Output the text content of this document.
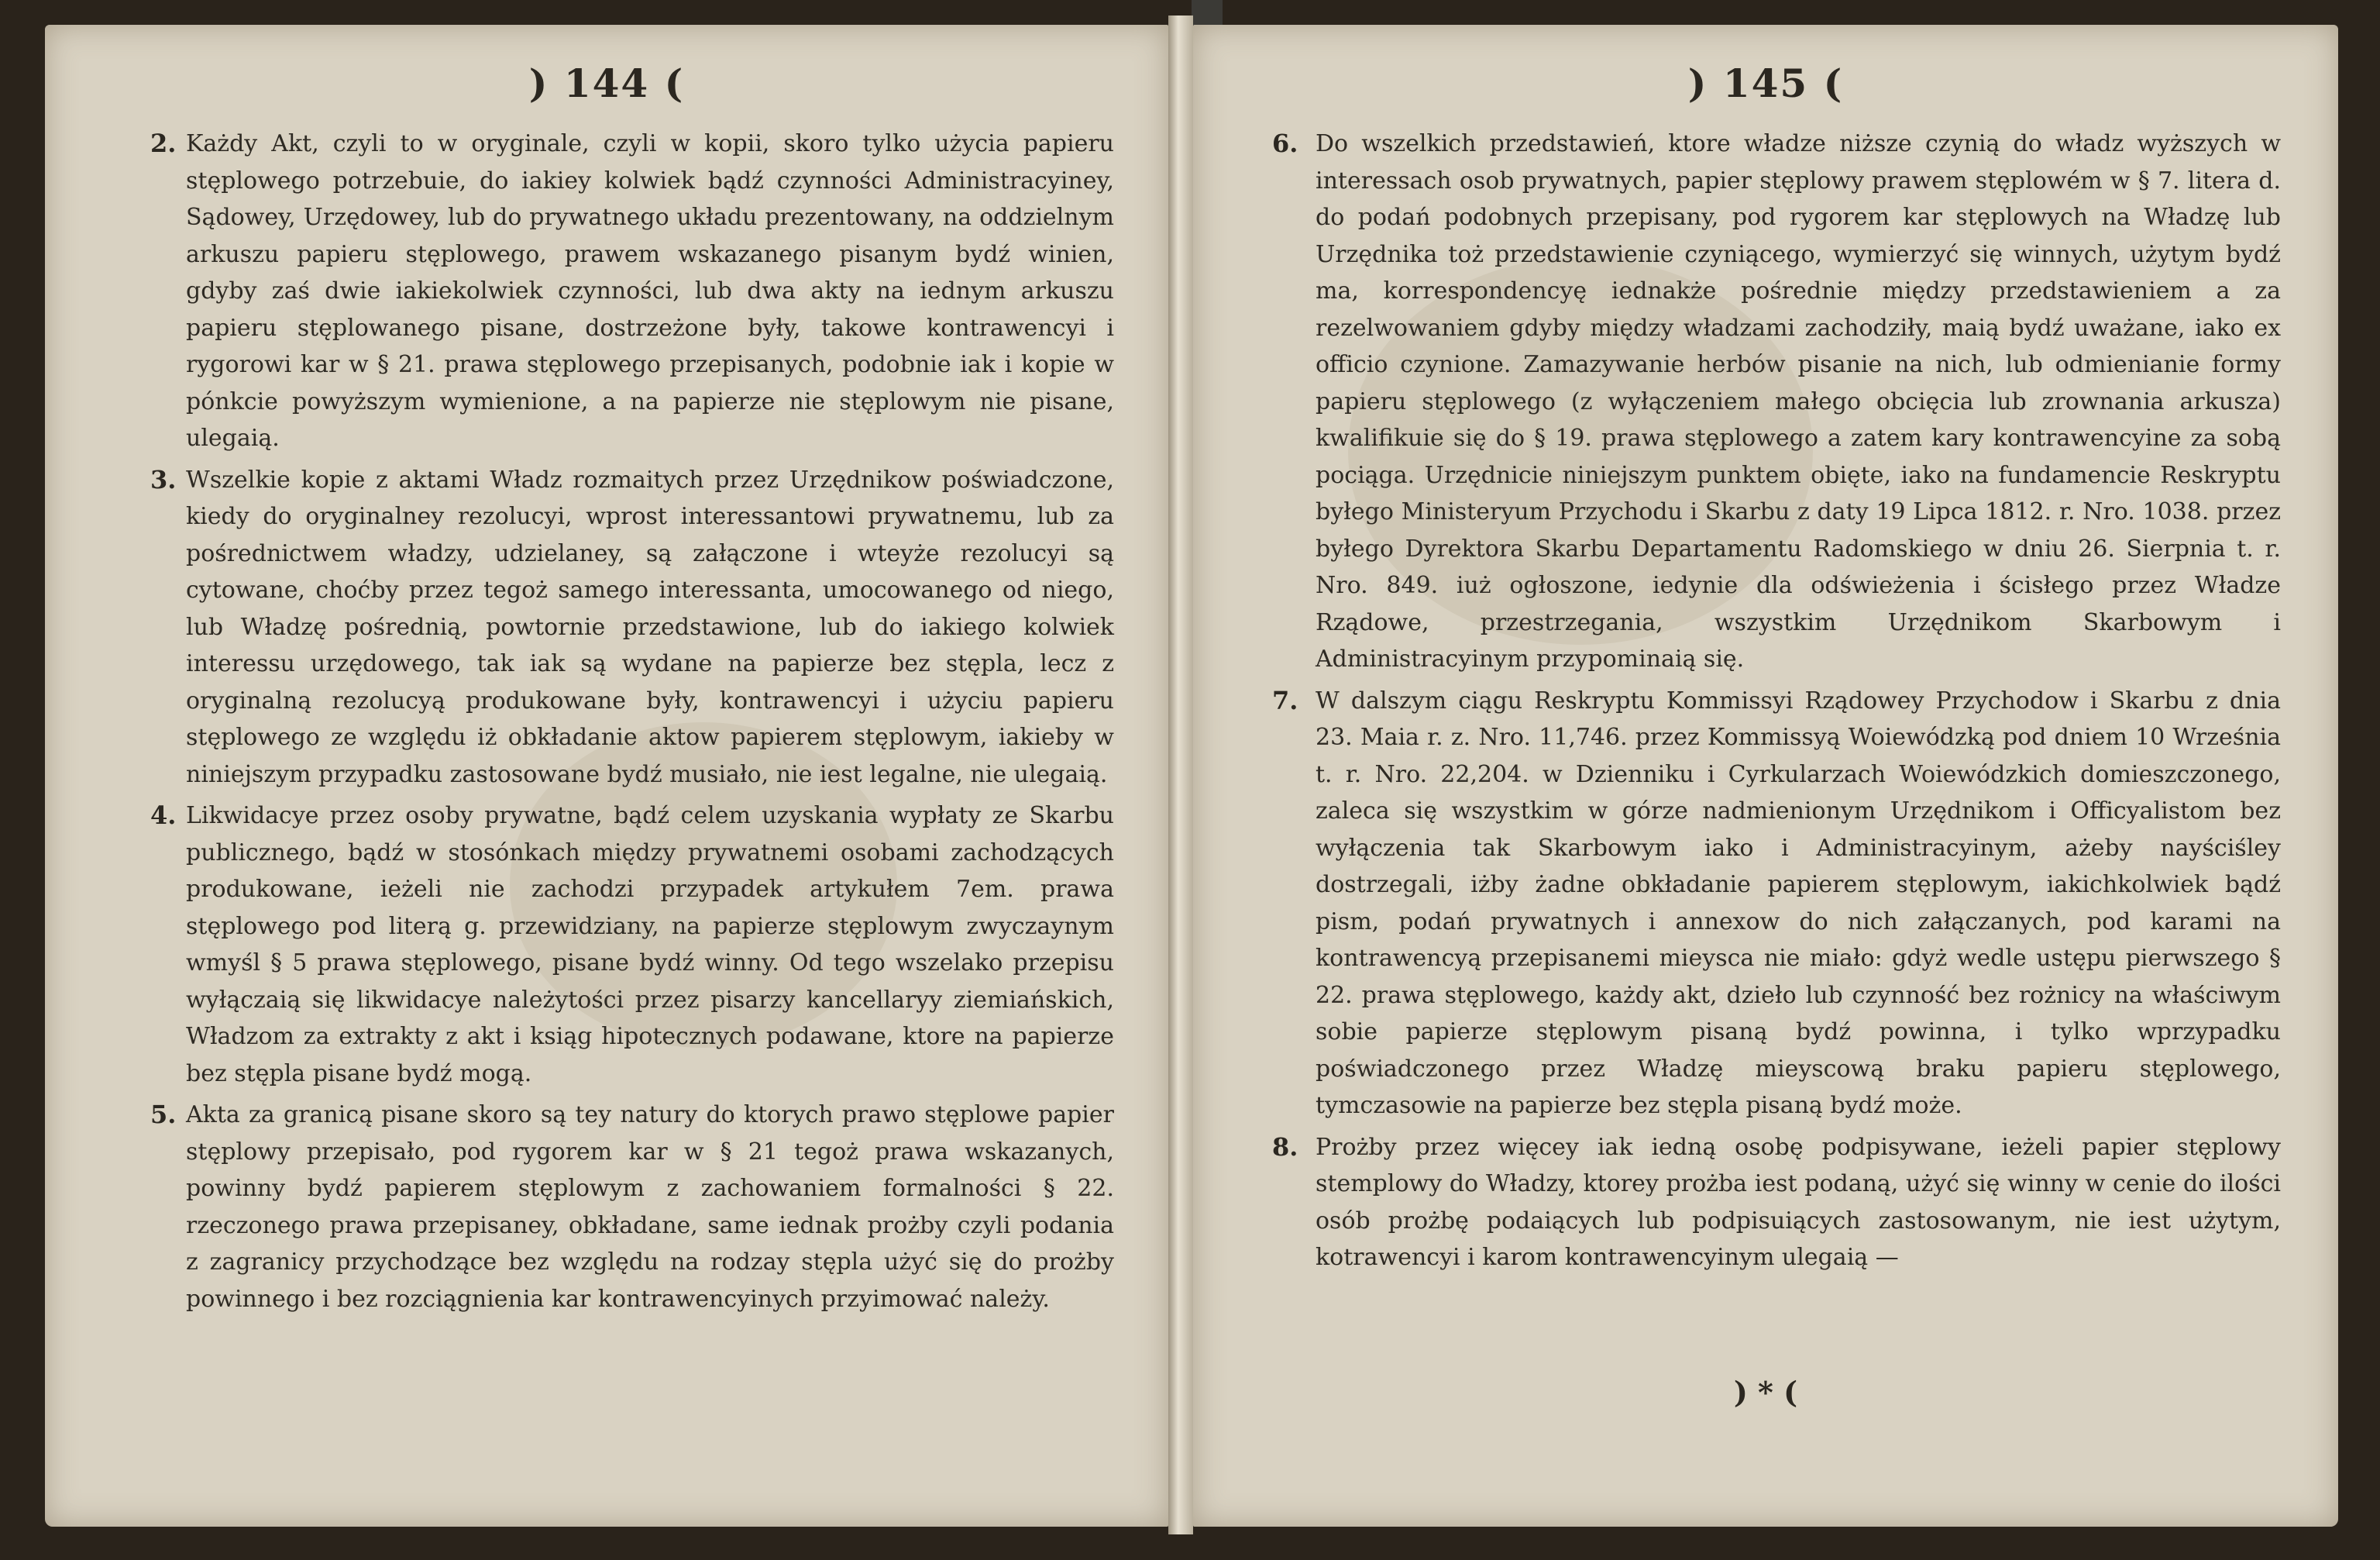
) 144 (
2. Każdy Akt, czyli to w oryginale, czyli w kopii, skoro tylko użycia papieru stęplowego potrzebuie, do iakiey kolwiek bądź czynności Administracyiney, Sądowey, Urzędowey, lub do prywatnego układu prezentowany, na oddzielnym arkuszu papieru stęplowego, prawem wskazanego pisanym bydź winien, gdyby zaś dwie iakiekolwiek czynności, lub dwa akty na iednym arkuszu papieru stęplowanego pisane, dostrzeżone były, takowe kontrawencyi i rygorowi kar w § 21. prawa stęplowego przepisanych, podobnie iak i kopie w pónkcie powyższym wymienione, a na papierze nie stęplowym nie pisane, ulegaią.
3. Wszelkie kopie z aktami Władz rozmaitych przez Urzędnikow poświadczone, kiedy do oryginalney rezolucyi, wprost interessantowi prywatnemu, lub za pośrednictwem władzy, udzielaney, są załączone i wteyże rezolucyi są cytowane, choćby przez tegoż samego interessanta, umocowanego od niego, lub Władzę pośrednią, powtornie przedstawione, lub do iakiego kolwiek interessu urzędowego, tak iak są wydane na papierze bez stępla, lecz z oryginalną rezolucyą produkowane były, kontrawencyi i użyciu papieru stęplowego ze względu iż obkładanie aktow papierem stęplowym, iakieby w niniejszym przypadku zastosowane bydź musiało, nie iest legalne, nie ulegaią.
4. Likwidacye przez osoby prywatne, bądź celem uzyskania wypłaty ze Skarbu publicznego, bądź w stosónkach między prywatnemi osobami zachodzących produkowane, ieżeli nie zachodzi przypadek artykułem 7em. prawa stęplowego pod literą g. przewidziany, na papierze stęplowym zwyczaynym wmyśl § 5 prawa stęplowego, pisane bydź winny. Od tego wszelako przepisu wyłączaią się likwidacye należytości przez pisarzy kancellaryy ziemiańskich, Władzom za extrakty z akt i ksiąg hipotecznych podawane, ktore na papierze bez stępla pisane bydź mogą.
5. Akta za granicą pisane skoro są tey natury do ktorych prawo stęplowe papier stęplowy przepisało, pod rygorem kar w § 21 tegoż prawa wskazanych, powinny bydź papierem stęplowym z zachowaniem formalności § 22. rzeczonego prawa przepisaney, obkładane, same iednak prożby czyli podania z zagranicy przychodzące bez względu na rodzay stępla użyć się do prożby powinnego i bez rozciągnienia kar kontrawencyinych przyimować należy.
) 145 (
6. Do wszelkich przedstawień, ktore władze niższe czynią do władz wyższych w interessach osob prywatnych, papier stęplowy prawem stęplowém w § 7. litera d. do podań podobnych przepisany, pod rygorem kar stęplowych na Władzę lub Urzędnika toż przedstawienie czyniącego, wymierzyć się winnych, użytym bydź ma, korrespondencyę iednakże pośrednie między przedstawieniem a za rezelwowaniem gdyby między władzami zachodziły, maią bydź uważane, iako ex officio czynione. Zamazywanie herbów pisanie na nich, lub odmienianie formy papieru stęplowego (z wyłączeniem małego obcięcia lub zrownania arkusza) kwalifikuie się do § 19. prawa stęplowego a zatem kary kontrawencyine za sobą pociąga. Urzędnicie niniejszym punktem obięte, iako na fundamencie Reskryptu byłego Ministeryum Przychodu i Skarbu z daty 19 Lipca 1812. r. Nro. 1038. przez byłego Dyrektora Skarbu Departamentu Radomskiego w dniu 26. Sierpnia t. r. Nro. 849. iuż ogłoszone, iedynie dla odświeżenia i ścisłego przez Władze Rządowe, przestrzegania, wszystkim Urzędnikom Skarbowym i Administracyinym przypominaią się.
7. W dalszym ciągu Reskryptu Kommissyi Rządowey Przychodow i Skarbu z dnia 23. Maia r. z. Nro. 11,746. przez Kommissyą Woiewódzką pod dniem 10 Września t. r. Nro. 22,204. w Dzienniku i Cyrkularzach Woiewódzkich domieszczonego, zaleca się wszystkim w górze nadmienionym Urzędnikom i Officyalistom bez wyłączenia tak Skarbowym iako i Administracyinym, ażeby nayściśley dostrzegali, iżby żadne obkładanie papierem stęplowym, iakichkolwiek bądź pism, podań prywatnych i annexow do nich załączanych, pod karami na kontrawencyą przepisanemi mieysca nie miało: gdyż wedle ustępu pierwszego § 22. prawa stęplowego, każdy akt, dzieło lub czynność bez rożnicy na właściwym sobie papierze stęplowym pisaną bydź powinna, i tylko wprzypadku poświadczonego przez Władzę mieyscową braku papieru stęplowego, tymczasowie na papierze bez stępla pisaną bydź może.
8. Prożby przez więcey iak iedną osobę podpisywane, ieżeli papier stęplowy stemplowy do Władzy, ktorey prożba iest podaną, użyć się winny w cenie do ilości osób prożbę podaiących lub podpisuiących zastosowanym, nie iest użytym, kotrawencyi i karom kontrawencyinym ulegaią —
) * (
